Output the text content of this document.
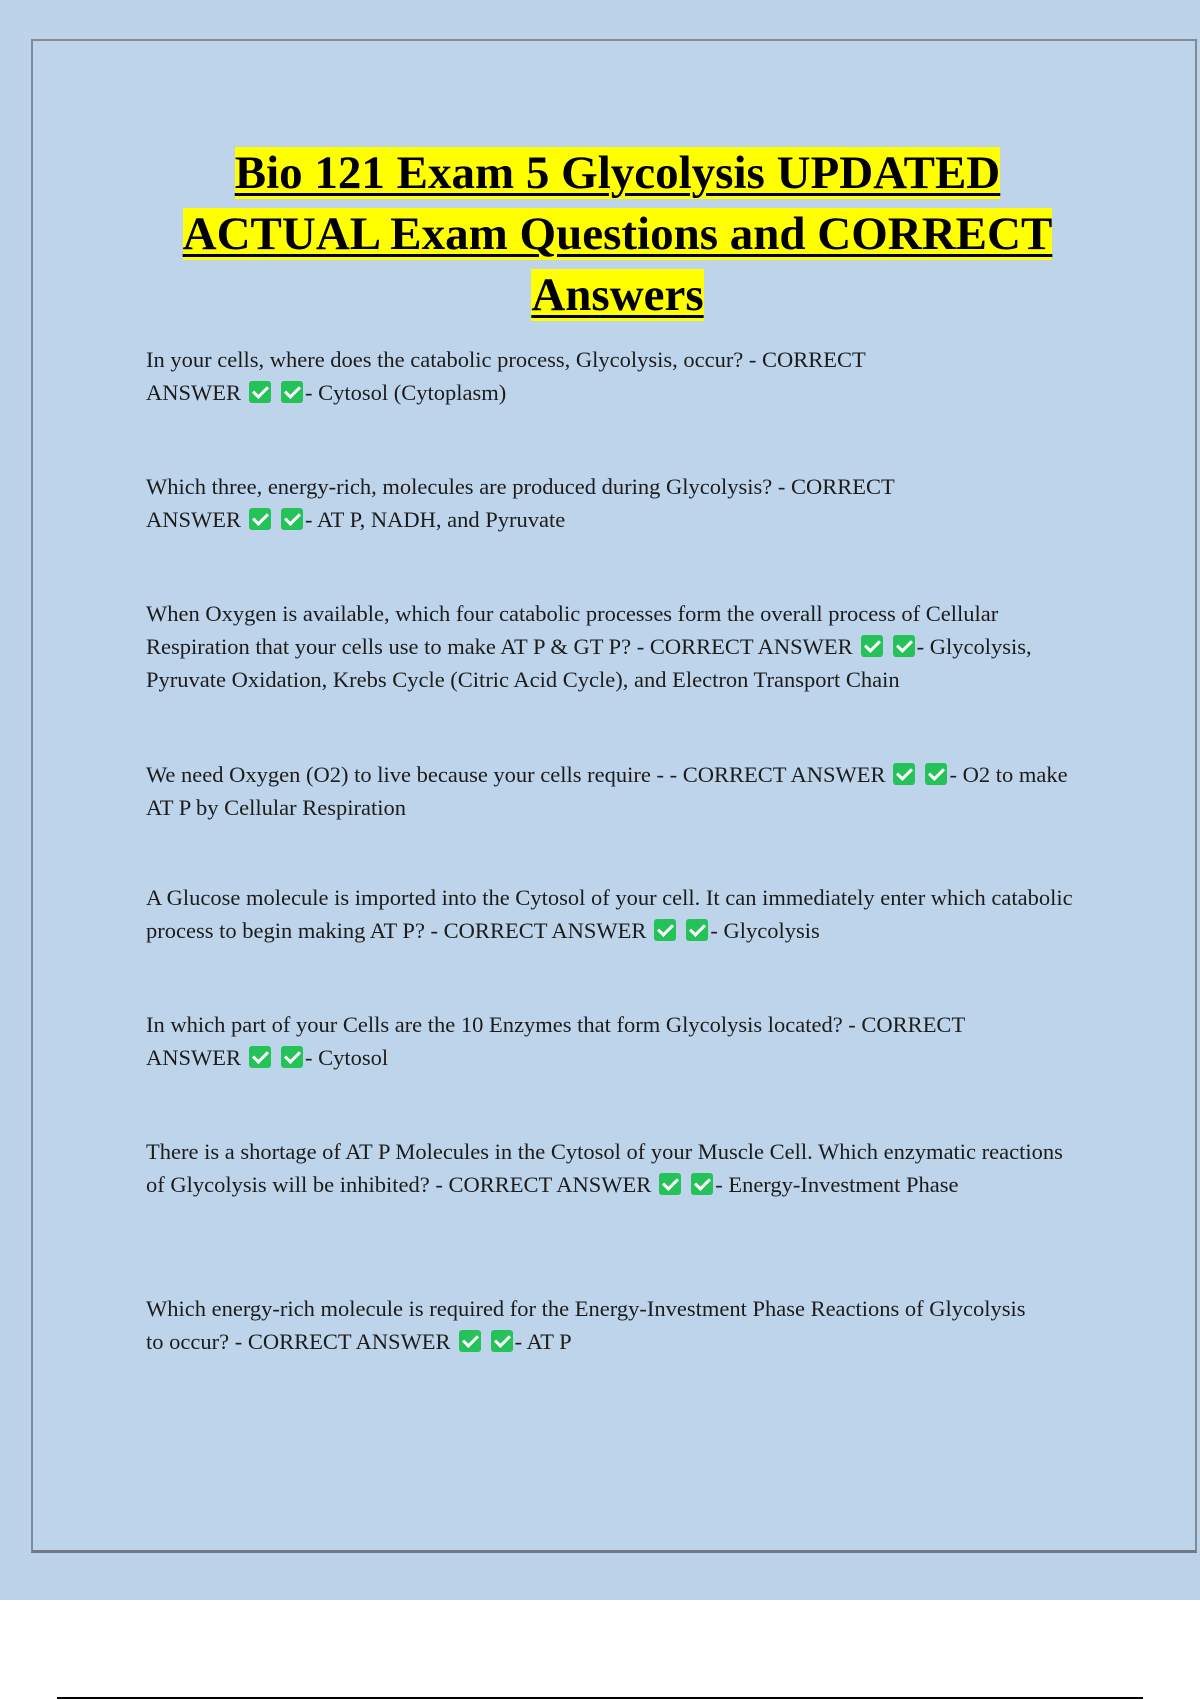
Bio 121 Exam 5 Glycolysis UPDATED
ACTUAL Exam Questions and CORRECT
Answers

In your cells, where does the catabolic process, Glycolysis, occur? - CORRECT ANSWER	- Cytosol (Cytoplasm)

Which three, energy-rich, molecules are produced during Glycolysis? - CORRECT ANSWER	- AT P, NADH, and Pyruvate

When Oxygen is available, which four catabolic processes form the overall process of Cellular Respiration that your cells use to make AT P & GT P? - CORRECT ANSWER	- Glycolysis, Pyruvate Oxidation, Krebs Cycle (Citric Acid Cycle), and Electron Transport Chain

We need Oxygen (O2) to live because your cells require - - CORRECT ANSWER	- O2 to make AT P by Cellular Respiration

A Glucose molecule is imported into the Cytosol of your cell. It can immediately enter which catabolic process to begin making AT P? - CORRECT ANSWER	- Glycolysis

In which part of your Cells are the 10 Enzymes that form Glycolysis located? - CORRECT ANSWER	- Cytosol

There is a shortage of AT P Molecules in the Cytosol of your Muscle Cell. Which enzymatic reactions of Glycolysis will be inhibited? - CORRECT ANSWER	- Energy-Investment Phase

Which energy-rich molecule is required for the Energy-Investment Phase Reactions of Glycolysis to occur? - CORRECT ANSWER	- AT P
